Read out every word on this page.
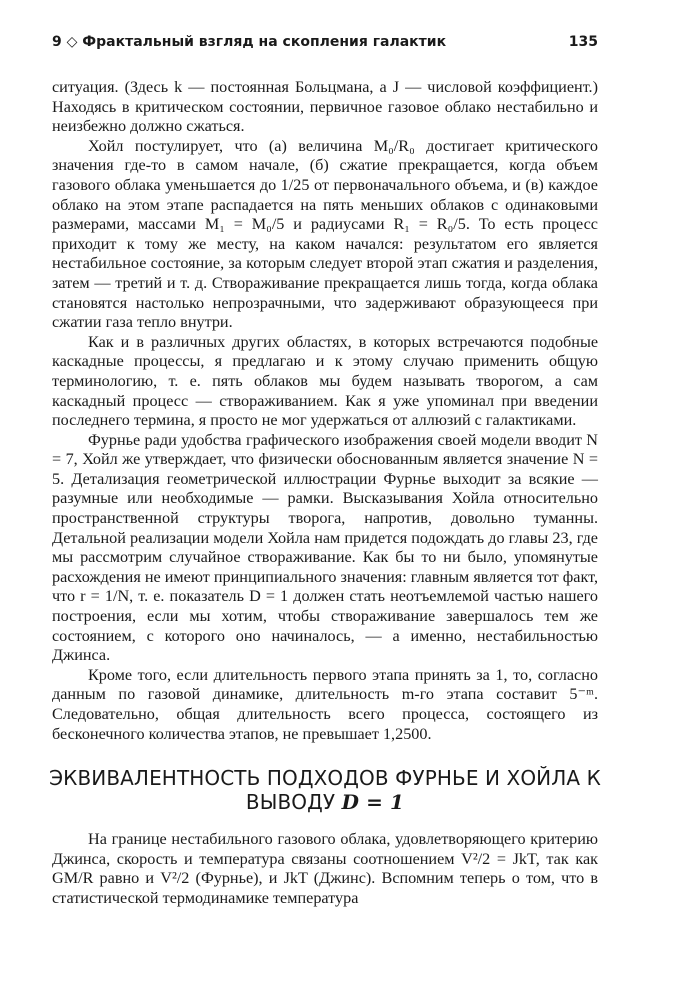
9 ◇ Фрактальный взгляд на скопления галактик	135

ситуация. (Здесь k — постоянная Больцмана, а J — числовой коэффициент.) Находясь в критическом состоянии, первичное газовое облако нестабильно и неизбежно должно сжаться.

Хойл постулирует, что (а) величина M₀/R₀ достигает критического значения где-то в самом начале, (б) сжатие прекращается, когда объем газового облака уменьшается до 1/25 от первоначального объема, и (в) каждое облако на этом этапе распадается на пять меньших облаков с одинаковыми размерами, массами M₁ = M₀/5 и радиусами R₁ = R₀/5. То есть процесс приходит к тому же месту, на каком начался: результатом его является нестабильное состояние, за которым следует второй этап сжатия и разделения, затем — третий и т. д. Створаживание прекращается лишь тогда, когда облака становятся настолько непрозрачными, что задерживают образующееся при сжатии газа тепло внутри.

Как и в различных других областях, в которых встречаются подобные каскадные процессы, я предлагаю и к этому случаю применить общую терминологию, т. е. пять облаков мы будем называть творогом, а сам каскадный процесс — створаживанием. Как я уже упоминал при введении последнего термина, я просто не мог удержаться от аллюзий с галактиками.

Фурнье ради удобства графического изображения своей модели вводит N = 7, Хойл же утверждает, что физически обоснованным является значение N = 5. Детализация геометрической иллюстрации Фурнье выходит за всякие — разумные или необходимые — рамки. Высказывания Хойла относительно пространственной структуры творога, напротив, довольно туманны. Детальной реализации модели Хойла нам придется подождать до главы 23, где мы рассмотрим случайное створаживание. Как бы то ни было, упомянутые расхождения не имеют принципиального значения: главным является тот факт, что r = 1/N, т. е. показатель D = 1 должен стать неотъемлемой частью нашего построения, если мы хотим, чтобы створаживание завершалось тем же состоянием, с которого оно начиналось, — а именно, нестабильностью Джинса.

Кроме того, если длительность первого этапа принять за 1, то, согласно данным по газовой динамике, длительность m-го этапа составит 5⁻ᵐ. Следовательно, общая длительность всего процесса, состоящего из бесконечного количества этапов, не превышает 1,2500.

ЭКВИВАЛЕНТНОСТЬ ПОДХОДОВ ФУРНЬЕ И ХОЙЛА К ВЫВОДУ D = 1

На границе нестабильного газового облака, удовлетворяющего критерию Джинса, скорость и температура связаны соотношением V²/2 = JkT, так как GM/R равно и V²/2 (Фурнье), и JkT (Джинс). Вспомним теперь о том, что в статистической термодинамике температура
